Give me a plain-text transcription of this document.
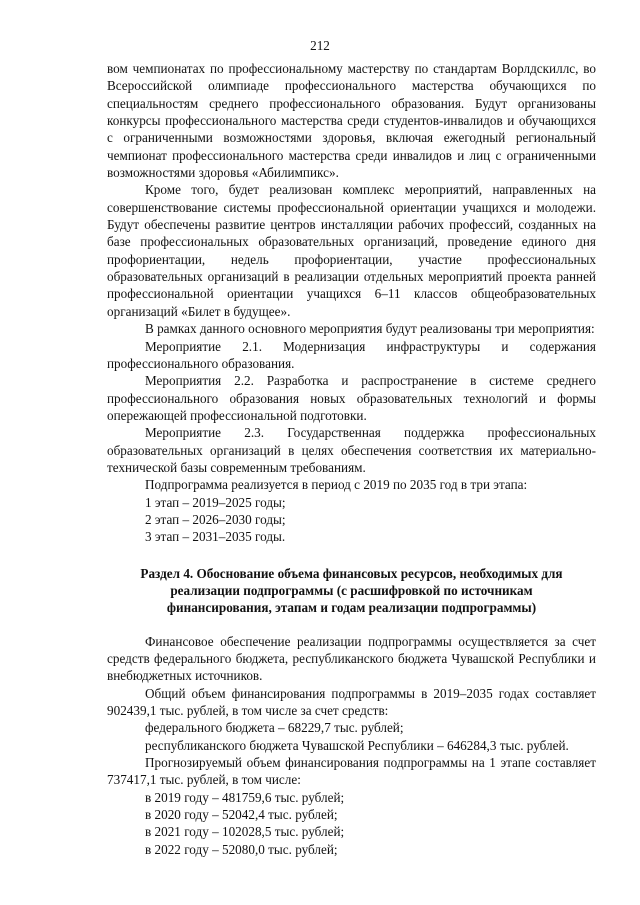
212

вом чемпионатах по профессиональному мастерству по стандартам Ворлдскиллс, во Всероссийской олимпиаде профессионального мастерства обучающихся по специальностям среднего профессионального образования. Будут организованы конкурсы профессионального мастерства среди студентов-инвалидов и обучающихся с ограниченными возможностями здоровья, включая ежегодный региональный чемпионат профессионального мастерства среди инвалидов и лиц с ограниченными возможностями здоровья «Абилимпикс».

Кроме того, будет реализован комплекс мероприятий, направленных на совершенствование системы профессиональной ориентации учащихся и молодежи. Будут обеспечены развитие центров инсталляции рабочих профессий, созданных на базе профессиональных образовательных организаций, проведение единого дня профориентации, недель профориентации, участие профессиональных образовательных организаций в реализации отдельных мероприятий проекта ранней профессиональной ориентации учащихся 6–11 классов общеобразовательных организаций «Билет в будущее».

В рамках данного основного мероприятия будут реализованы три мероприятия:

Мероприятие 2.1. Модернизация инфраструктуры и содержания профессионального образования.

Мероприятия 2.2. Разработка и распространение в системе среднего профессионального образования новых образовательных технологий и формы опережающей профессиональной подготовки.

Мероприятие 2.3. Государственная поддержка профессиональных образовательных организаций в целях обеспечения соответствия их материально-технической базы современным требованиям.

Подпрограмма реализуется в период с 2019 по 2035 год в три этапа:

1 этап – 2019–2025 годы;

2 этап – 2026–2030 годы;

3 этап – 2031–2035 годы.

Раздел 4. Обоснование объема финансовых ресурсов, необходимых для реализации подпрограммы (с расшифровкой по источникам финансирования, этапам и годам реализации подпрограммы)

Финансовое обеспечение реализации подпрограммы осуществляется за счет средств федерального бюджета, республиканского бюджета Чувашской Республики и внебюджетных источников.

Общий объем финансирования подпрограммы в 2019–2035 годах составляет 902439,1 тыс. рублей, в том числе за счет средств:

федерального бюджета – 68229,7 тыс. рублей;

республиканского бюджета Чувашской Республики – 646284,3 тыс. рублей.

Прогнозируемый объем финансирования подпрограммы на 1 этапе составляет 737417,1 тыс. рублей, в том числе:

в 2019 году – 481759,6 тыс. рублей;

в 2020 году – 52042,4 тыс. рублей;

в 2021 году – 102028,5 тыс. рублей;

в 2022 году – 52080,0 тыс. рублей;
